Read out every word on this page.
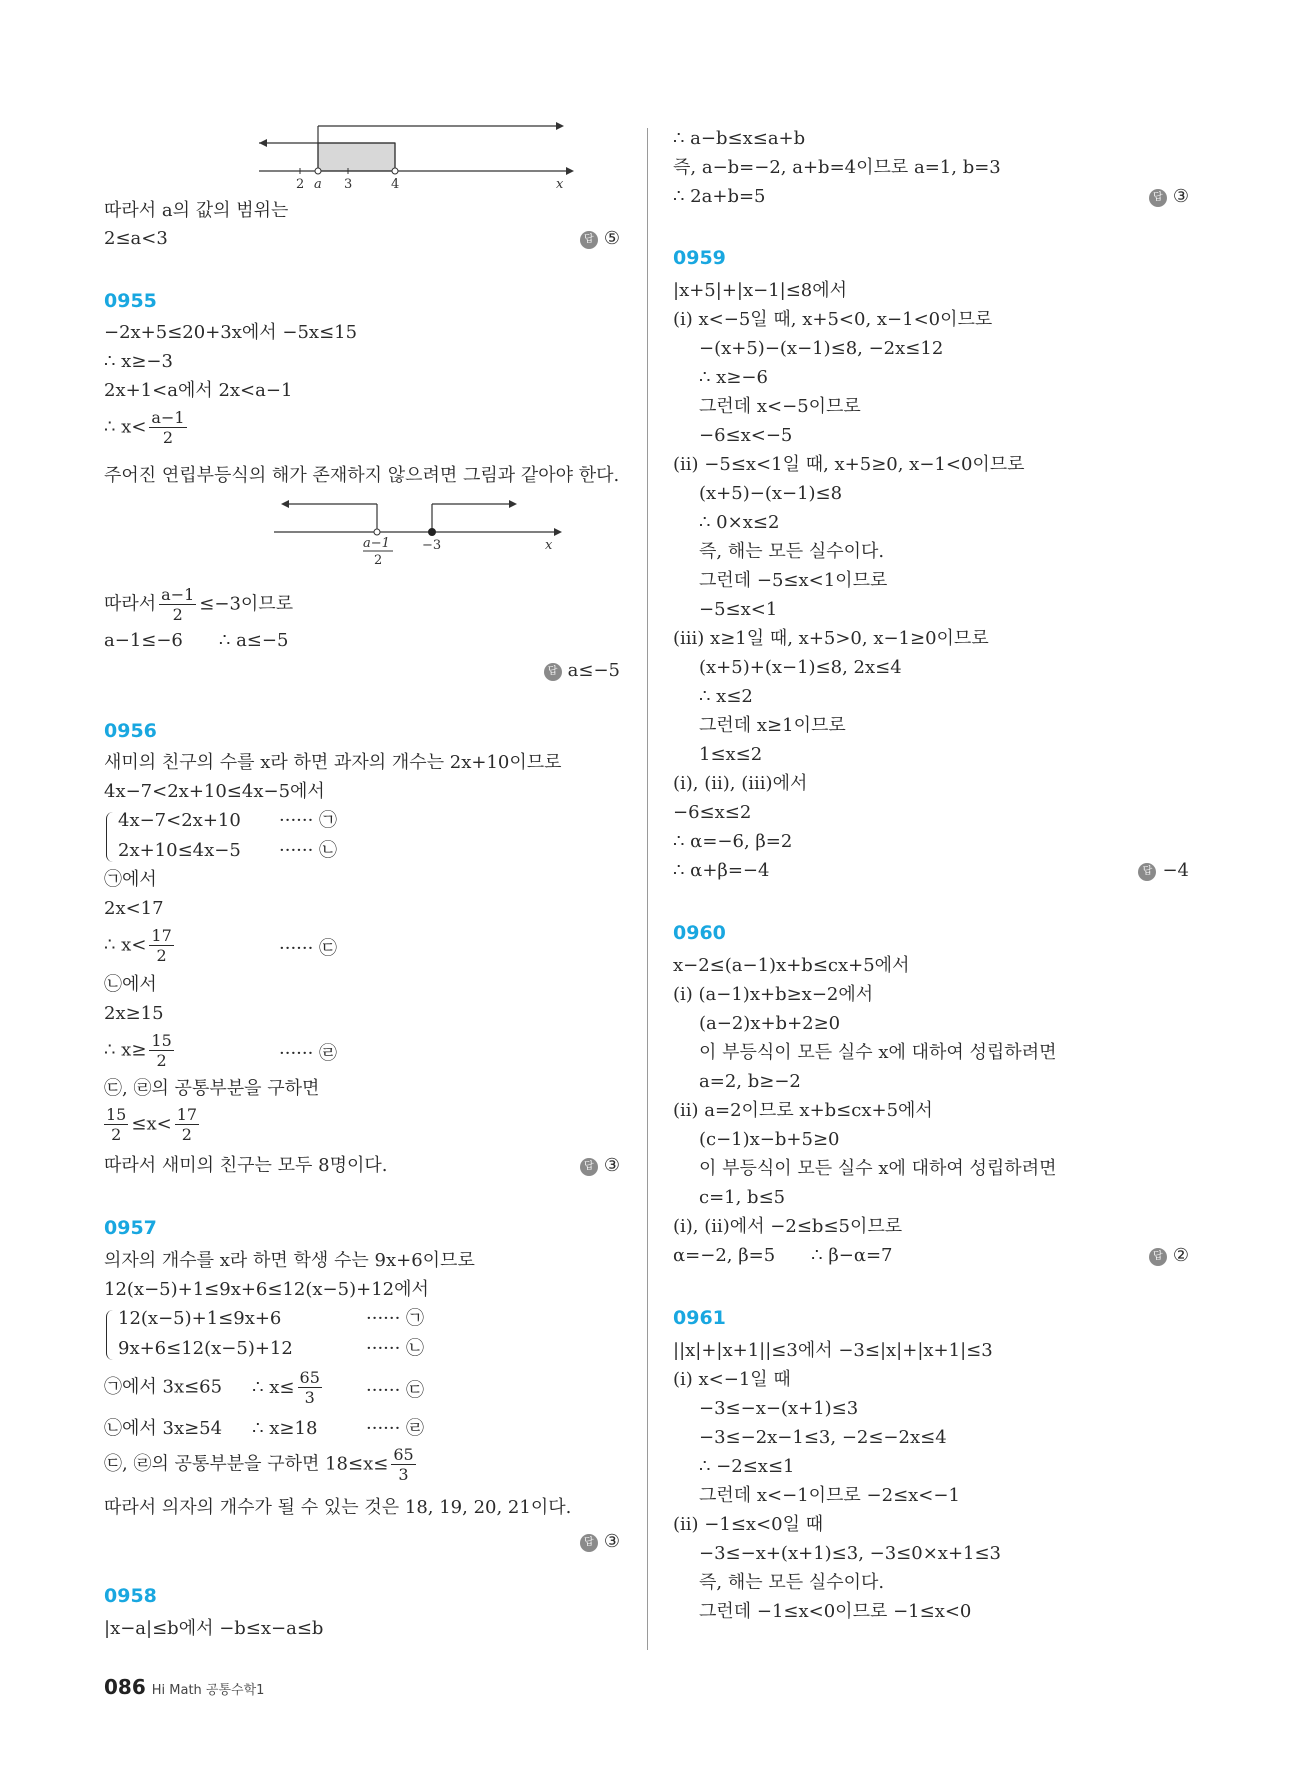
2 a 3	4	x
따라서 a의 값의 범위는
2≤a<3	답 ⑤
0955
−2x+5≤20+3x에서 −5x≤15
∴ x≥−3
2x+1<a에서 2x<a−1
∴ $x< \frac{a-1}{2}$
주어진 연립부등식의 해가 존재하지 않으려면 그림과 같아야 한다.
a−1
2
−3	x
따라서 $\frac{a-1}{2} \le-3$이므로
a−1≤−6 ∴ a≤−5
답 a≤−5
0956
새미의 친구의 수를 x라 하면 과자의 개수는 2x+10이므로
4x−7<2x+10≤4x−5에서
4x−7<2x+10 ······ ㉠
2x+10≤4x−5 ······ ㉡
㉠에서
2x<17
∴ $x< \frac{17}{2}$	······ ㉢
㉡에서
2x≥15
∴ $x\ge \frac{15}{2}$	······ ㉣
㉢, ㉣의 공통부분을 구하면
$\frac{15}{2} \le x< \frac{17}{2}$
따라서 새미의 친구는 모두 8명이다.	답 ③
0957
의자의 개수를 x라 하면 학생 수는 9x+6이므로
12(x−5)+1≤9x+6≤12(x−5)+12에서
12(x−5)+1≤9x+6	······ ㉠
9x+6≤12(x−5)+12	······ ㉡
㉠에서 3x≤65 ∴ $x\le \frac{65}{3}$ ······ ㉢
㉡에서 3x≥54 ∴ x≥18	······ ㉣
㉢, ㉣의 공통부분을 구하면 $18\le x\le \frac{65}{3}$
따라서 의자의 개수가 될 수 있는 것은 18, 19, 20, 21이다.
답 ③
0958
|x−a|≤b에서 −b≤x−a≤b
∴ a−b≤x≤a+b
즉, a−b=−2, a+b=4이므로 a=1, b=3
∴ 2a+b=5	답 ③
0959
|x+5|+|x−1|≤8에서
(ⅰ) x<−5일 때, x+5<0, x−1<0이므로
−(x+5)−(x−1)≤8, −2x≤12
∴ x≥−6
그런데 x<−5이므로
−6≤x<−5
(ⅱ) −5≤x<1일 때, x+5≥0, x−1<0이므로
(x+5)−(x−1)≤8
∴ 0×x≤2
즉, 해는 모든 실수이다.
그런데 −5≤x<1이므로
−5≤x<1
(ⅲ) x≥1일 때, x+5>0, x−1≥0이므로
(x+5)+(x−1)≤8, 2x≤4
∴ x≤2
그런데 x≥1이므로
1≤x≤2
(ⅰ), (ⅱ), (ⅲ)에서
−6≤x≤2
∴ α=−6, β=2
∴ α+β=−4	답 −4
0960
x−2≤(a−1)x+b≤cx+5에서
(ⅰ) (a−1)x+b≥x−2에서
(a−2)x+b+2≥0
이 부등식이 모든 실수 x에 대하여 성립하려면
a=2, b≥−2
(ⅱ) a=2이므로 x+b≤cx+5에서
(c−1)x−b+5≥0
이 부등식이 모든 실수 x에 대하여 성립하려면
c=1, b≤5
(ⅰ), (ⅱ)에서 −2≤b≤5이므로
α=−2, β=5 ∴ β−α=7	답 ②
0961
||x|+|x+1||≤3에서 −3≤|x|+|x+1|≤3
(ⅰ) x<−1일 때
−3≤−x−(x+1)≤3
−3≤−2x−1≤3, −2≤−2x≤4
∴ −2≤x≤1
그런데 x<−1이므로 −2≤x<−1
(ⅱ) −1≤x<0일 때
−3≤−x+(x+1)≤3, −3≤0×x+1≤3
즉, 해는 모든 실수이다.
그런데 −1≤x<0이므로 −1≤x<0
086 Hi Math 공통수학1
